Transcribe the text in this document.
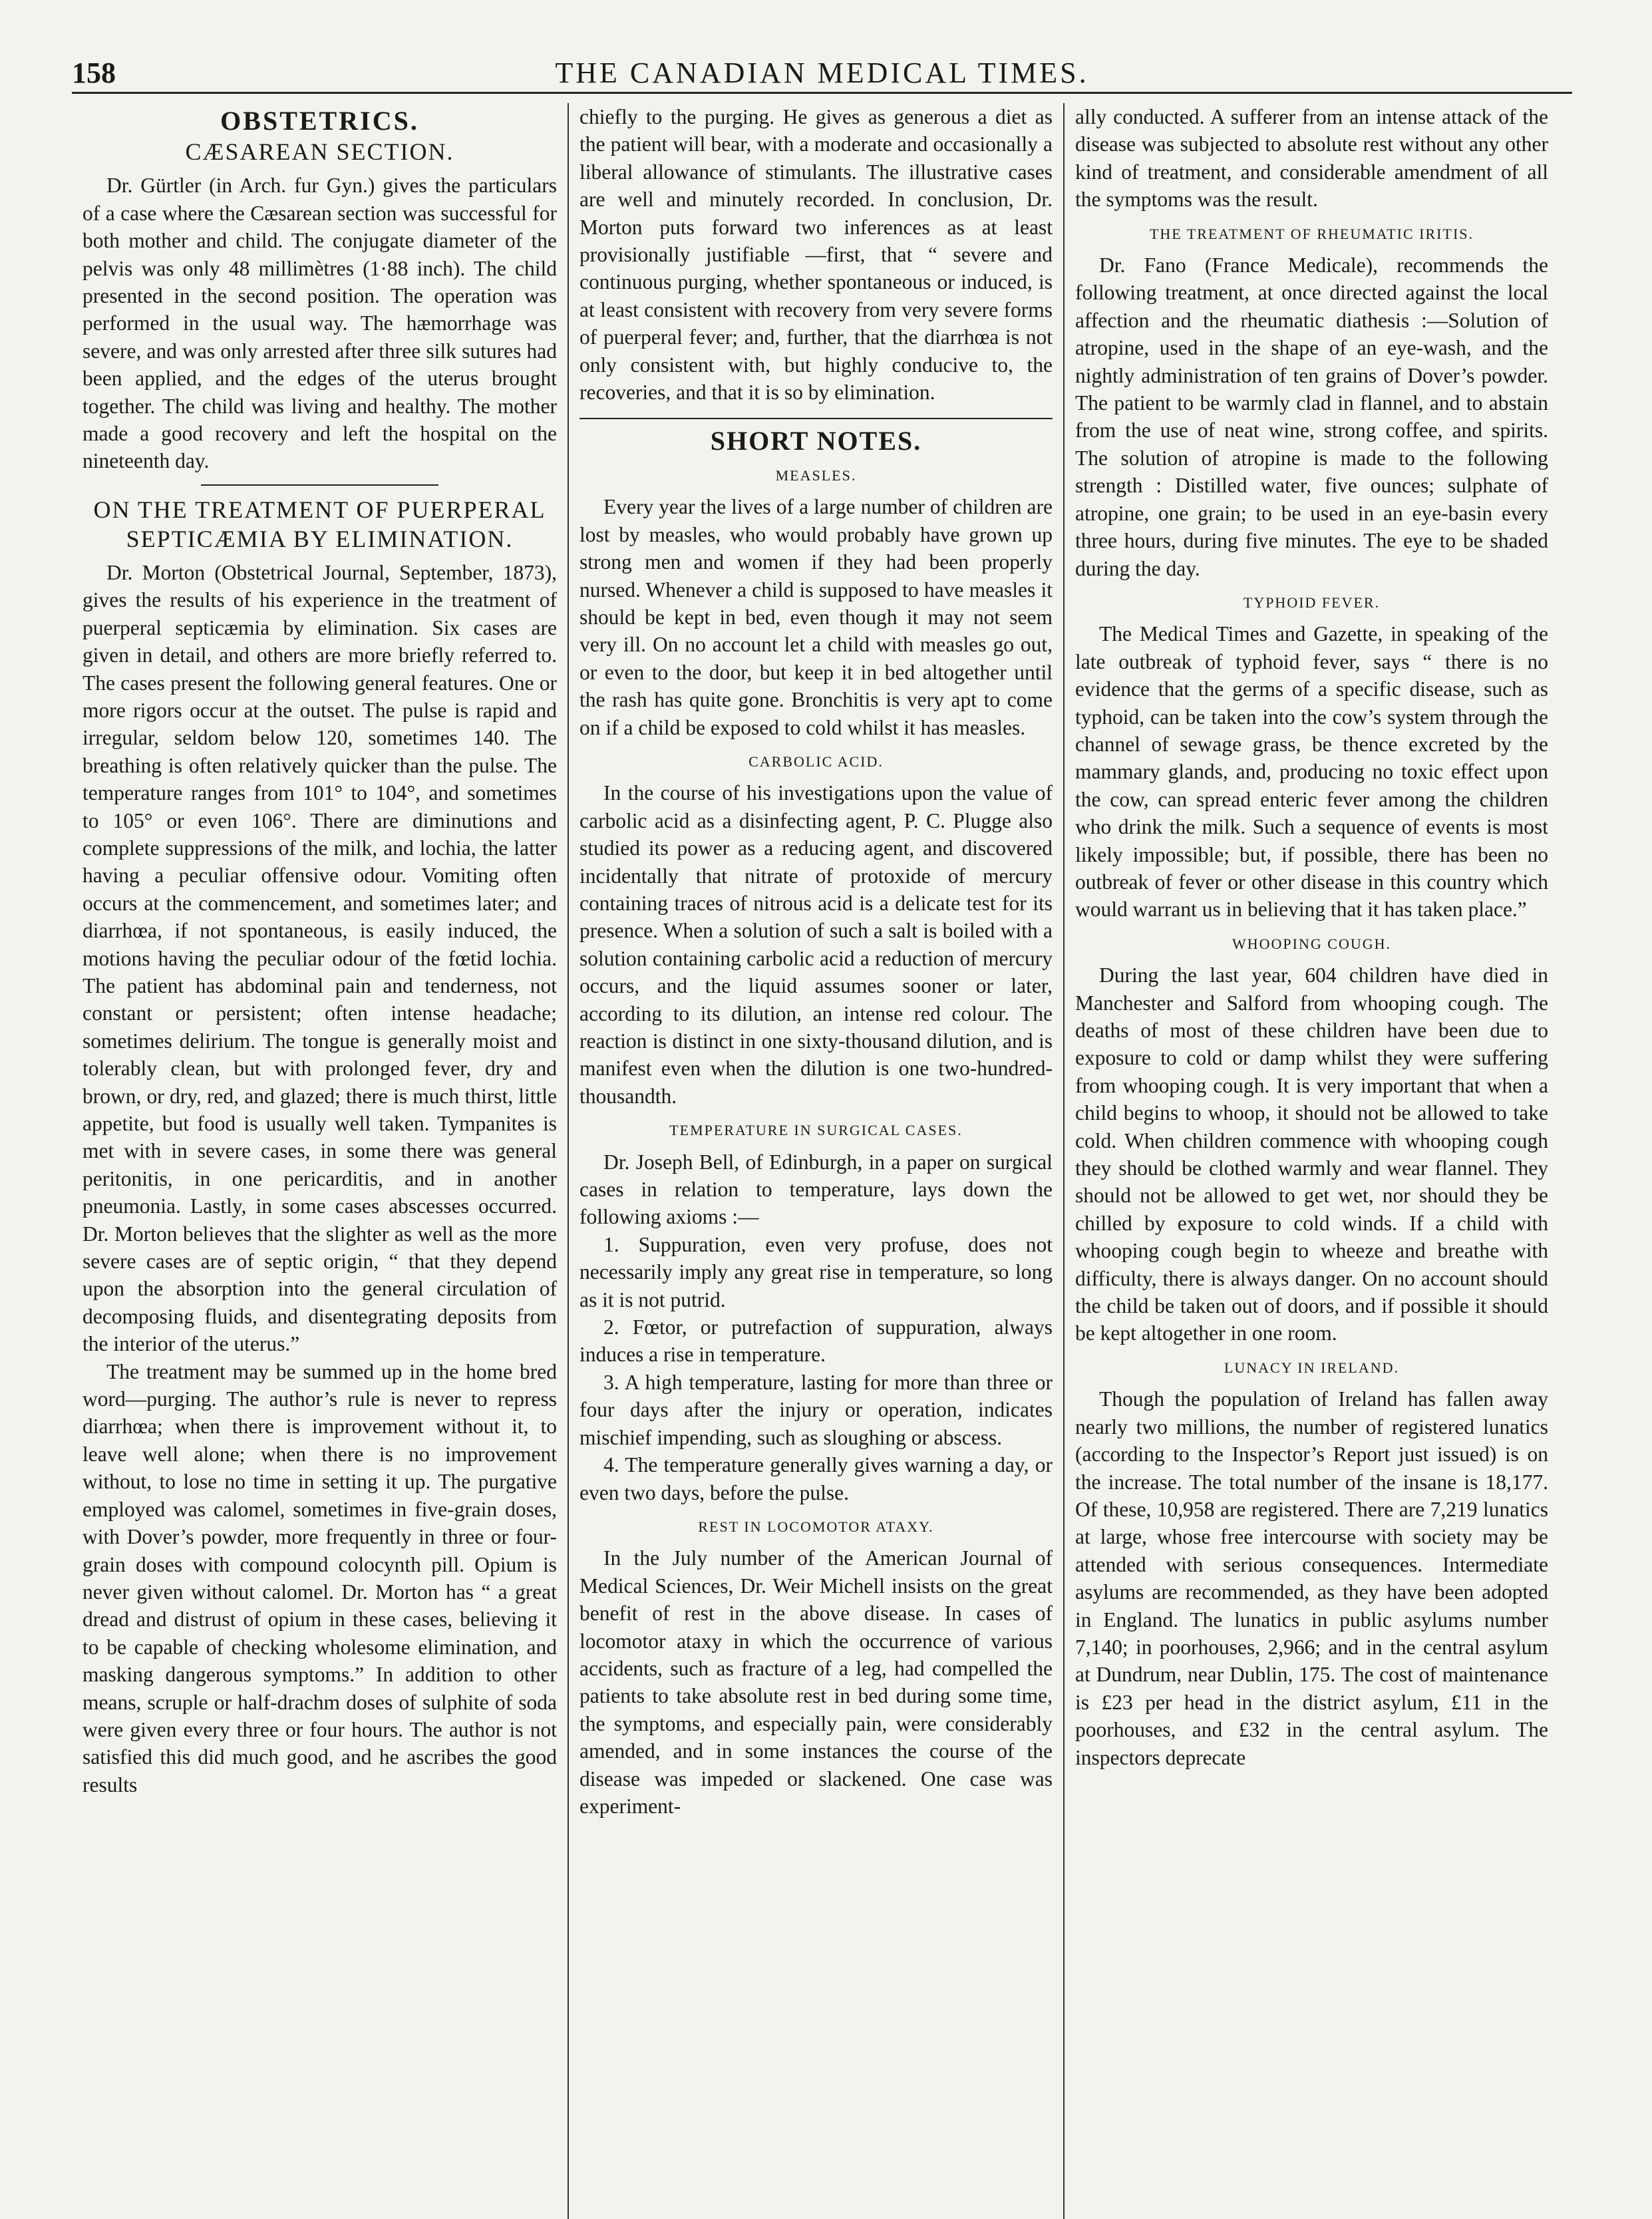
158	THE CANADIAN MEDICAL TIMES.
OBSTETRICS.
CÆSAREAN SECTION.

Dr. Gürtler (in Arch. fur Gyn.) gives the particulars of a case where the Cæsarean section was successful for both mother and child. The conjugate diameter of the pelvis was only 48 millimètres (1·88 inch). The child presented in the second position. The operation was performed in the usual way. The hæmorrhage was severe, and was only arrested after three silk sutures had been applied, and the edges of the uterus brought together. The child was living and healthy. The mother made a good recovery and left the hospital on the nineteenth day.

ON THE TREATMENT OF PUERPERAL SEPTICÆMIA BY ELIMINATION.

Dr. Morton (Obstetrical Journal, September, 1873), gives the results of his experience in the treatment of puerperal septicæmia by elimination. Six cases are given in detail, and others are more briefly referred to. The cases present the following general features. One or more rigors occur at the outset. The pulse is rapid and irregular, seldom below 120, sometimes 140. The breathing is often relatively quicker than the pulse. The temperature ranges from 101° to 104°, and sometimes to 105° or even 106°. There are diminutions and complete suppressions of the milk, and lochia, the latter having a peculiar offensive odour. Vomiting often occurs at the commencement, and sometimes later; and diarrhœa, if not spontaneous, is easily induced, the motions having the peculiar odour of the fœtid lochia. The patient has abdominal pain and tenderness, not constant or persistent; often intense headache; sometimes delirium. The tongue is generally moist and tolerably clean, but with prolonged fever, dry and brown, or dry, red, and glazed; there is much thirst, little appetite, but food is usually well taken. Tympanites is met with in severe cases, in some there was general peritonitis, in one pericarditis, and in another pneumonia. Lastly, in some cases abscesses occurred. Dr. Morton believes that the slighter as well as the more severe cases are of septic origin, “ that they depend upon the absorption into the general circulation of decomposing fluids, and disentegrating deposits from the interior of the uterus.”

The treatment may be summed up in the home bred word—purging. The author’s rule is never to repress diarrhœa; when there is improvement without it, to leave well alone; when there is no improvement without, to lose no time in setting it up. The purgative employed was calomel, sometimes in five-grain doses, with Dover’s powder, more frequently in three or four-grain doses with compound colocynth pill. Opium is never given without calomel. Dr. Morton has “ a great dread and distrust of opium in these cases, believing it to be capable of checking wholesome elimination, and masking dangerous symptoms.” In addition to other means, scruple or half-drachm doses of sulphite of soda were given every three or four hours. The author is not satisfied this did much good, and he ascribes the good results

chiefly to the purging. He gives as generous a diet as the patient will bear, with a moderate and occasionally a liberal allowance of stimulants. The illustrative cases are well and minutely recorded. In conclusion, Dr. Morton puts forward two inferences as at least provisionally justifiable —first, that “ severe and continuous purging, whether spontaneous or induced, is at least consistent with recovery from very severe forms of puerperal fever; and, further, that the diarrhœa is not only consistent with, but highly conducive to, the recoveries, and that it is so by elimination.

SHORT NOTES.
MEASLES.

Every year the lives of a large number of children are lost by measles, who would probably have grown up strong men and women if they had been properly nursed. Whenever a child is supposed to have measles it should be kept in bed, even though it may not seem very ill. On no account let a child with measles go out, or even to the door, but keep it in bed altogether until the rash has quite gone. Bronchitis is very apt to come on if a child be exposed to cold whilst it has measles.

CARBOLIC ACID.

In the course of his investigations upon the value of carbolic acid as a disinfecting agent, P. C. Plugge also studied its power as a reducing agent, and discovered incidentally that nitrate of protoxide of mercury containing traces of nitrous acid is a delicate test for its presence. When a solution of such a salt is boiled with a solution containing carbolic acid a reduction of mercury occurs, and the liquid assumes sooner or later, according to its dilution, an intense red colour. The reaction is distinct in one sixty-thousand dilution, and is manifest even when the dilution is one two-hundred-thousandth.

TEMPERATURE IN SURGICAL CASES.

Dr. Joseph Bell, of Edinburgh, in a paper on surgical cases in relation to temperature, lays down the following axioms :—

1. Suppuration, even very profuse, does not necessarily imply any great rise in temperature, so long as it is not putrid.

2. Fœtor, or putrefaction of suppuration, always induces a rise in temperature.

3. A high temperature, lasting for more than three or four days after the injury or operation, indicates mischief impending, such as sloughing or abscess.

4. The temperature generally gives warning a day, or even two days, before the pulse.

REST IN LOCOMOTOR ATAXY.

In the July number of the American Journal of Medical Sciences, Dr. Weir Michell insists on the great benefit of rest in the above disease. In cases of locomotor ataxy in which the occurrence of various accidents, such as fracture of a leg, had compelled the patients to take absolute rest in bed during some time, the symptoms, and especially pain, were considerably amended, and in some instances the course of the disease was impeded or slackened. One case was experiment-

ally conducted. A sufferer from an intense attack of the disease was subjected to absolute rest without any other kind of treatment, and considerable amendment of all the symptoms was the result.

THE TREATMENT OF RHEUMATIC IRITIS.

Dr. Fano (France Medicale), recommends the following treatment, at once directed against the local affection and the rheumatic diathesis :—Solution of atropine, used in the shape of an eye-wash, and the nightly administration of ten grains of Dover’s powder. The patient to be warmly clad in flannel, and to abstain from the use of neat wine, strong coffee, and spirits. The solution of atropine is made to the following strength : Distilled water, five ounces; sulphate of atropine, one grain; to be used in an eye-basin every three hours, during five minutes. The eye to be shaded during the day.

TYPHOID FEVER.

The Medical Times and Gazette, in speaking of the late outbreak of typhoid fever, says “ there is no evidence that the germs of a specific disease, such as typhoid, can be taken into the cow’s system through the channel of sewage grass, be thence excreted by the mammary glands, and, producing no toxic effect upon the cow, can spread enteric fever among the children who drink the milk. Such a sequence of events is most likely impossible; but, if possible, there has been no outbreak of fever or other disease in this country which would warrant us in believing that it has taken place.”

WHOOPING COUGH.

During the last year, 604 children have died in Manchester and Salford from whooping cough. The deaths of most of these children have been due to exposure to cold or damp whilst they were suffering from whooping cough. It is very important that when a child begins to whoop, it should not be allowed to take cold. When children commence with whooping cough they should be clothed warmly and wear flannel. They should not be allowed to get wet, nor should they be chilled by exposure to cold winds. If a child with whooping cough begin to wheeze and breathe with difficulty, there is always danger. On no account should the child be taken out of doors, and if possible it should be kept altogether in one room.

LUNACY IN IRELAND.

Though the population of Ireland has fallen away nearly two millions, the number of registered lunatics (according to the Inspector’s Report just issued) is on the increase. The total number of the insane is 18,177. Of these, 10,958 are registered. There are 7,219 lunatics at large, whose free intercourse with society may be attended with serious consequences. Intermediate asylums are recommended, as they have been adopted in England. The lunatics in public asylums number 7,140; in poorhouses, 2,966; and in the central asylum at Dundrum, near Dublin, 175. The cost of maintenance is £23 per head in the district asylum, £11 in the poorhouses, and £32 in the central asylum. The inspectors deprecate
